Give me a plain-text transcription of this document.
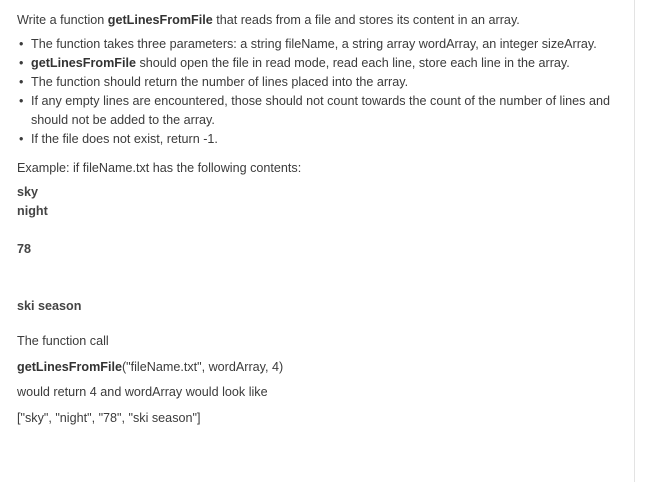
Write a function getLinesFromFile that reads from a file and stores its content in an array.

• The function takes three parameters: a string fileName, a string array wordArray, an integer sizeArray.
• getLinesFromFile should open the file in read mode, read each line, store each line in the array.
• The function should return the number of lines placed into the array.
• If any empty lines are encountered, those should not count towards the count of the number of lines and should not be added to the array.
• If the file does not exist, return -1.

Example: if fileName.txt has the following contents:

sky
night
78
ski season

The function call

getLinesFromFile("fileName.txt", wordArray, 4)

would return 4 and wordArray would look like

["sky", "night", "78", "ski season"]
